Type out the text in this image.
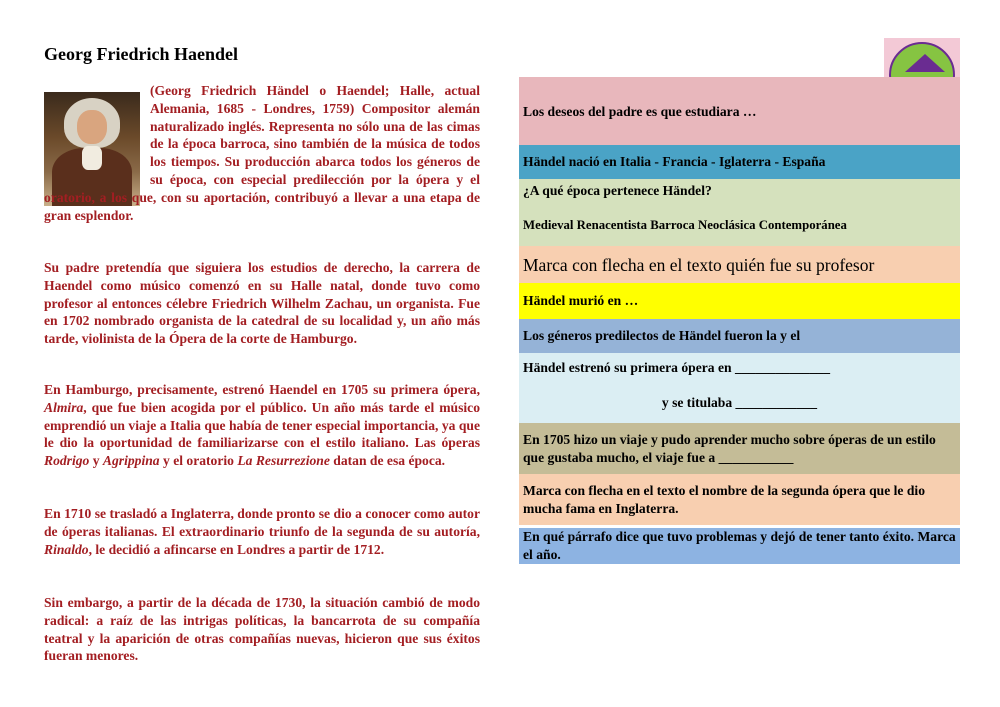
Georg Friedrich Haendel

(Georg Friedrich Händel o Haendel; Halle, actual Alemania, 1685 - Londres, 1759) Compositor alemán naturalizado inglés. Representa no sólo una de las cimas de la época barroca, sino también de la música de todos los tiempos. Su producción abarca todos los géneros de su época, con especial predilección por la ópera y el oratorio, a los que, con su aportación, contribuyó a llevar a una etapa de gran esplendor.

Su padre pretendía que siguiera los estudios de derecho, la carrera de Haendel como músico comenzó en su Halle natal, donde tuvo como profesor al entonces célebre Friedrich Wilhelm Zachau, un organista. Fue en 1702 nombrado organista de la catedral de su localidad y, un año más tarde, violinista de la Ópera de la corte de Hamburgo.
En Hamburgo, precisamente, estrenó Haendel en 1705 su primera ópera, Almira, que fue bien acogida por el público. Un año más tarde el músico emprendió un viaje a Italia que había de tener especial importancia, ya que le dio la oportunidad de familiarizarse con el estilo italiano. Las óperas Rodrigo y Agrippina y el oratorio La Resurrezione datan de esa época.
En 1710 se trasladó a Inglaterra, donde pronto se dio a conocer como autor de óperas italianas. El extraordinario triunfo de la segunda de su autoría, Rinaldo, le decidió a afincarse en Londres a partir de 1712.
Sin embargo, a partir de la década de 1730, la situación cambió de modo radical: a raíz de las intrigas políticas, la bancarrota de su compañía teatral y la aparición de otras compañías nuevas, hicieron que sus éxitos fueran menores.
Los deseos del padre es que estudiara …
Händel nació en Italia - Francia - Iglaterra - España
¿A qué época pertenece Händel?
Medieval Renacentista Barroca Neoclásica Contemporánea
Marca con flecha en el texto quién fue su profesor
Händel murió en …
Los géneros predilectos de Händel fueron la y el
Händel estrenó su primera ópera en ______________
y se titulaba ____________
En 1705 hizo un viaje y pudo aprender mucho sobre óperas de un estilo que gustaba mucho, el viaje fue a ___________
Marca con flecha en el texto el nombre de la segunda ópera que le dio mucha fama en Inglaterra.
En qué párrafo dice que tuvo problemas y dejó de tener tanto éxito. Marca el año.
